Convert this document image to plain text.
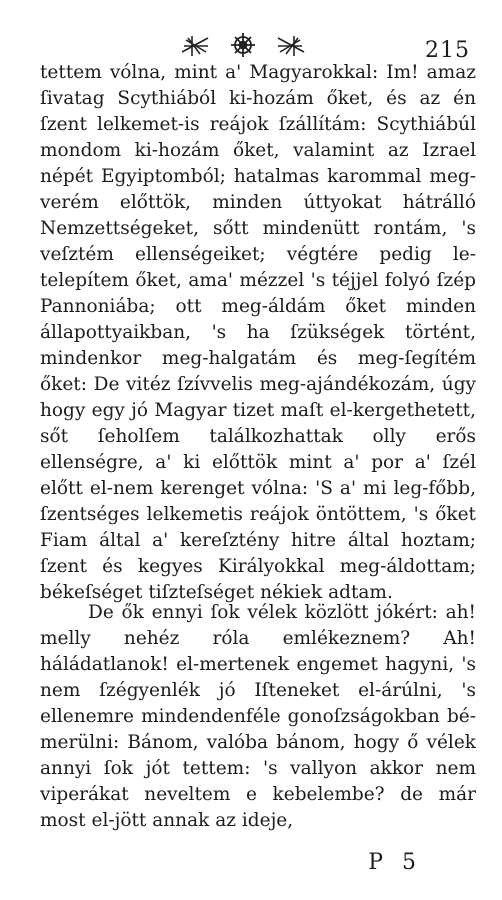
215

tettem vólna, mint a' Magyarokkal: Im! amaz ſivatag Scythiából ki-hozám őket, és az én ſzent lelkemet-is reájok ſzállítám: Scythiábúl mondom ki-hozám őket, valamint az Izrael népét Egyiptomból; hatalmas karommal meg-verém előttök, minden úttyokat hátrálló Nemzettségeket, sőtt mindenütt rontám, 's veſztém ellenségeiket; végtére pedig le-telepítem őket, ama' mézzel 's téjjel folyó ſzép Pannoniába; ott meg-áldám őket minden állapottyaikban, 's ha ſzükségek történt, mindenkor meg-halgatám és meg-ſegítém őket: De vitéz ſzívvelis meg-ajándékozám, úgy hogy egy jó Magyar tizet maſt el-kergethetett, sőt ſeholſem találkozhattak olly erős ellenségre, a' ki előttök mint a' por a' ſzél előtt el-nem kerenget vólna: 'S a' mi leg-főbb, ſzentséges lelkemetis reájok öntöttem, 's őket Fiam által a' kereſztény hitre által hoztam; ſzent és kegyes Királyokkal meg-áldottam; békeſséget tiſzteſséget nékiek adtam.

De ők ennyi ſok vélek közlött jókért: ah! melly nehéz róla emlékeznem? Ah! háládatlanok! el-mertenek engemet hagyni, 's nem ſzégyenlék jó Iſteneket el-árúlni, 's ellenemre mindendenféle gonoſzságokban bé-merülni: Bánom, valóba bánom, hogy ő vélek annyi ſok jót tettem: 's vallyon akkor nem viperákat neveltem e kebelembe? de már most el-jött annak az ideje,

P 5
